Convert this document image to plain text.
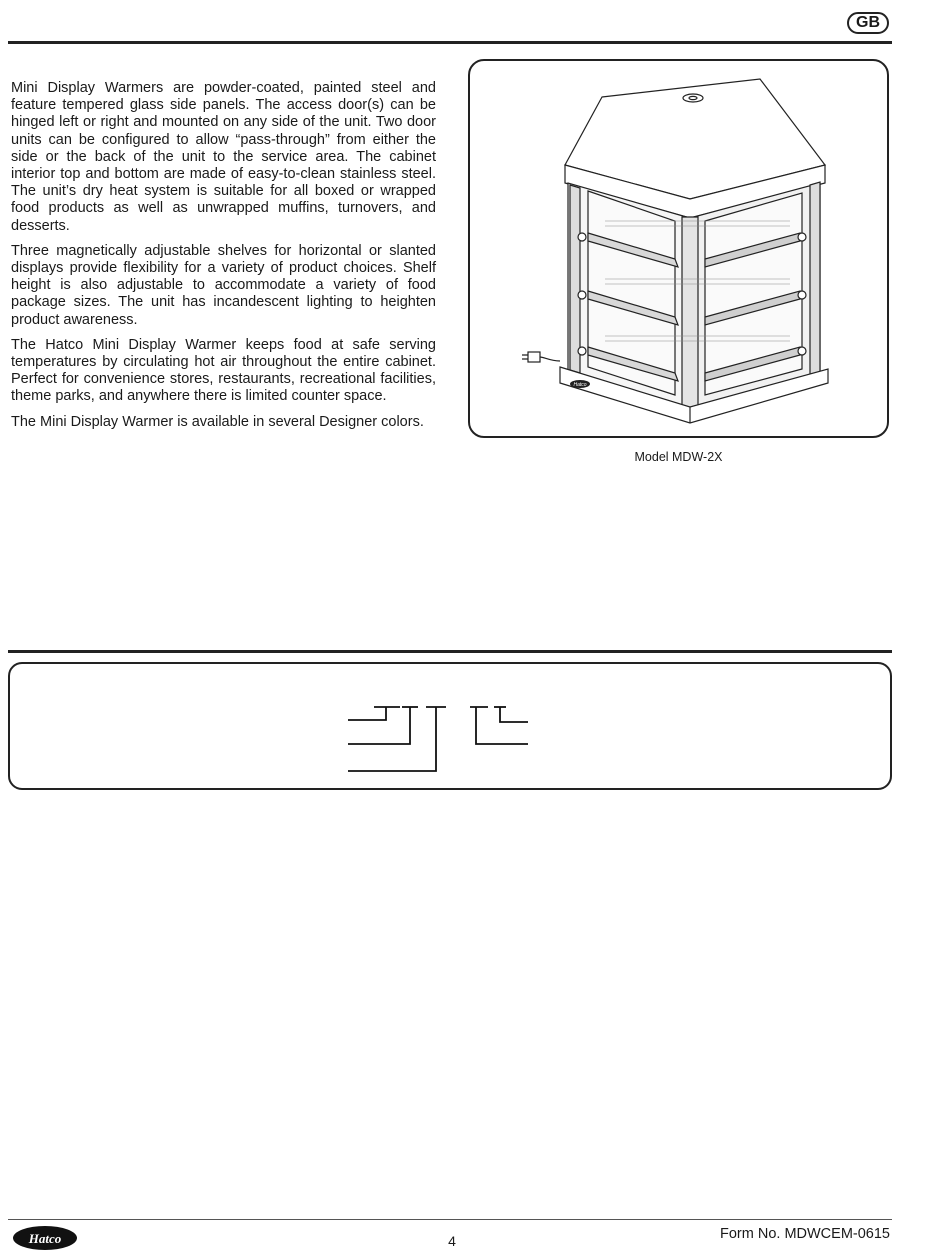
GB

Mini Display Warmers are powder-coated, painted steel and feature tempered glass side panels. The access door(s) can be hinged left or right and mounted on any side of the unit. Two door units can be configured to allow “pass-through” from either the side or the back of the unit to the service area. The cabinet interior top and bottom are made of easy-to-clean stainless steel. The unit’s dry heat system is suitable for all boxed or wrapped food products as well as unwrapped muffins, turnovers, and desserts.

Three magnetically adjustable shelves for horizontal or slanted displays provide flexibility for a variety of product choices. Shelf height is also adjustable to accommodate a variety of food package sizes. The unit has incandescent lighting to heighten product awareness.

The Hatco Mini Display Warmer keeps food at safe serving temperatures by circulating hot air throughout the entire cabinet. Perfect for convenience stores, restaurants, recreational facilities, theme parks, and anywhere there is limited counter space.

The Mini Display Warmer is available in several Designer colors.

Hatco
Model MDW-2X
Hatco	4	Form No. MDWCEM-0615
